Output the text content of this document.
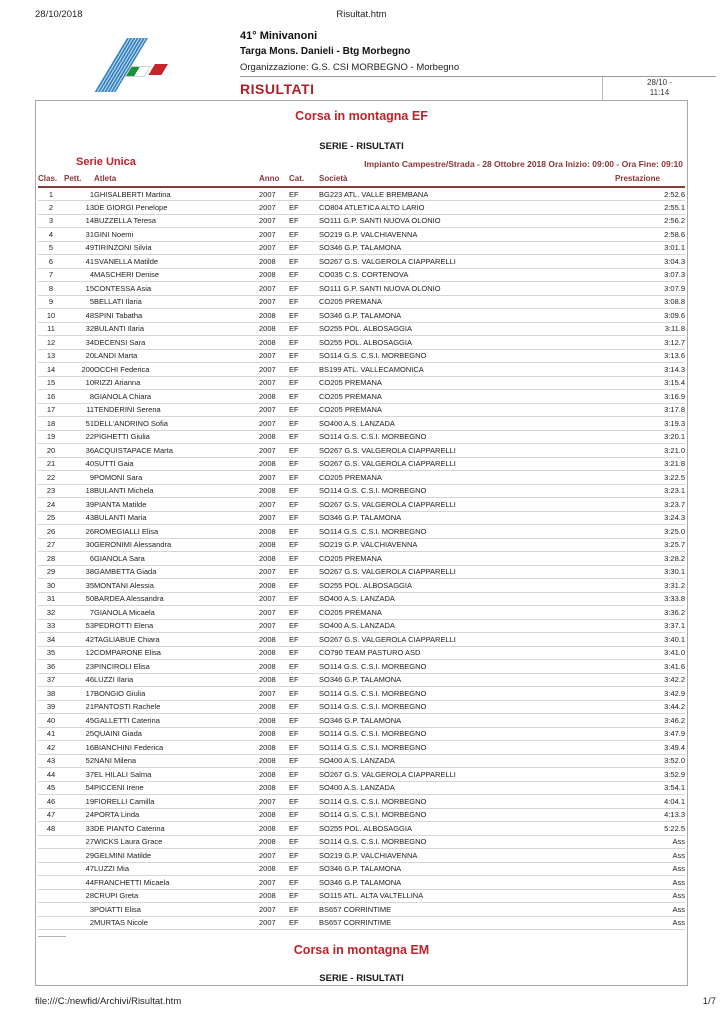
28/10/2018	Risultat.htm
41° Minivanoni
Targa Mons. Danieli - Btg Morbegno
Organizzazione: G.S. CSI MORBEGNO - Morbegno
RISULTATI	28/10 -
11:14
Corsa in montagna EF
SERIE - RISULTATI
Serie Unica	Impianto Campestre/Strada - 28 Ottobre 2018 Ora Inizio: 09:00 - Ora Fine: 09:10
Clas.	Pett.	Atleta	Anno	Cat.	Società	Prestazione
1	1	GHISALBERTI Martina	2007	EF	BG223 ATL. VALLE BREMBANA	2:52.6
2	13	DE GIORGI Penelope	2007	EF	CO804 ATLETICA ALTO LARIO	2:55.1
3	14	BUZZELLA Teresa	2007	EF	SO111 G.P. SANTI NUOVA OLONIO	2:56.2
4	31	GINI Noemi	2007	EF	SO219 G.P. VALCHIAVENNA	2:58.6
5	49	TIRINZONI Silvia	2007	EF	SO346 G.P. TALAMONA	3:01.1
6	41	SVANELLA Matilde	2008	EF	SO267 G.S. VALGEROLA CIAPPARELLI	3:04.3
7	4	MASCHERI Denise	2008	EF	CO035 C.S. CORTENOVA	3:07.3
8	15	CONTESSA Asia	2007	EF	SO111 G.P. SANTI NUOVA OLONIO	3:07.9
9	5	BELLATI Ilaria	2007	EF	CO205 PREMANA	3:08.8
10	48	SPINI Tabatha	2008	EF	SO346 G.P. TALAMONA	3:09.6
11	32	BULANTI Ilaria	2008	EF	SO255 POL. ALBOSAGGIA	3:11.8
12	34	DECENSI Sara	2008	EF	SO255 POL. ALBOSAGGIA	3:12.7
13	20	LANDI Marta	2007	EF	SO114 G.S. C.S.I. MORBEGNO	3:13.6
14	200	OCCHI Federica	2007	EF	BS199 ATL. VALLECAMONICA	3:14.3
15	10	RIZZI Arianna	2007	EF	CO205 PREMANA	3:15.4
16	8	GIANOLA Chiara	2008	EF	CO205 PREMANA	3:16.9
17	11	TENDERINI Serena	2007	EF	CO205 PREMANA	3:17.8
18	51	DELL'ANDRINO Sofia	2007	EF	SO400 A.S. LANZADA	3:19.3
19	22	PIGHETTI Giulia	2008	EF	SO114 G.S. C.S.I. MORBEGNO	3:20.1
20	36	ACQUISTAPACE Marta	2007	EF	SO267 G.S. VALGEROLA CIAPPARELLI	3:21.0
21	40	SUTTI Gaia	2008	EF	SO267 G.S. VALGEROLA CIAPPARELLI	3:21.8
22	9	POMONI Sara	2007	EF	CO205 PREMANA	3:22.5
23	18	BULANTI Michela	2008	EF	SO114 G.S. C.S.I. MORBEGNO	3:23.1
24	39	PIANTA Matilde	2007	EF	SO267 G.S. VALGEROLA CIAPPARELLI	3:23.7
25	43	BULANTI Maria	2007	EF	SO346 G.P. TALAMONA	3:24.3
26	26	ROMEGIALLI Elisa	2008	EF	SO114 G.S. C.S.I. MORBEGNO	3:25.0
27	30	GERONIMI Alessandra	2008	EF	SO219 G.P. VALCHIAVENNA	3:25.7
28	6	GIANOLA Sara	2008	EF	CO205 PREMANA	3:28.2
29	38	GAMBETTA Giada	2007	EF	SO267 G.S. VALGEROLA CIAPPARELLI	3:30.1
30	35	MONTANI Alessia	2008	EF	SO255 POL. ALBOSAGGIA	3:31.2
31	50	BARDEA Alessandra	2007	EF	SO400 A.S. LANZADA	3:33.8
32	7	GIANOLA Micaela	2007	EF	CO205 PREMANA	3:36.2
33	53	PEDROTTI Elena	2007	EF	SO400 A.S. LANZADA	3:37.1
34	42	TAGLIABUE Chiara	2008	EF	SO267 G.S. VALGEROLA CIAPPARELLI	3:40.1
35	12	COMPARONE Elisa	2008	EF	CO790 TEAM PASTURO ASD	3:41.0
36	23	PINCIROLI Elisa	2008	EF	SO114 G.S. C.S.I. MORBEGNO	3:41.6
37	46	LUZZI Ilaria	2008	EF	SO346 G.P. TALAMONA	3:42.2
38	17	BONGIO Giulia	2007	EF	SO114 G.S. C.S.I. MORBEGNO	3:42.9
39	21	PANTOSTI Rachele	2008	EF	SO114 G.S. C.S.I. MORBEGNO	3:44.2
40	45	GALLETTI Caterina	2008	EF	SO346 G.P. TALAMONA	3:46.2
41	25	QUAINI Giada	2008	EF	SO114 G.S. C.S.I. MORBEGNO	3:47.9
42	16	BIANCHINI Federica	2008	EF	SO114 G.S. C.S.I. MORBEGNO	3:49.4
43	52	NANI Milena	2008	EF	SO400 A.S. LANZADA	3:52.0
44	37	EL HILALI Salma	2008	EF	SO267 G.S. VALGEROLA CIAPPARELLI	3:52.9
45	54	PICCENI Irene	2008	EF	SO400 A.S. LANZADA	3:54.1
46	19	FIORELLI Camilla	2007	EF	SO114 G.S. C.S.I. MORBEGNO	4:04.1
47	24	PORTA Linda	2008	EF	SO114 G.S. C.S.I. MORBEGNO	4:13.3
48	33	DE PIANTO Caterina	2008	EF	SO255 POL. ALBOSAGGIA	5:22.5
	27	WICKS Laura Grace	2008	EF	SO114 G.S. C.S.I. MORBEGNO	Ass
	29	GELMINI Matilde	2007	EF	SO219 G.P. VALCHIAVENNA	Ass
	47	LUZZI Mia	2008	EF	SO346 G.P. TALAMONA	Ass
	44	FRANCHETTI Micaela	2007	EF	SO346 G.P. TALAMONA	Ass
	28	CRUPI Greta	2008	EF	SO115 ATL. ALTA VALTELLINA	Ass
	3	POIATTI Elisa	2007	EF	BS657 CORRINTIME	Ass
	2	MURTAS Nicole	2007	EF	BS657 CORRINTIME	Ass
Corsa in montagna EM
SERIE - RISULTATI
file:///C:/newfid/Archivi/Risultat.htm	1/7
